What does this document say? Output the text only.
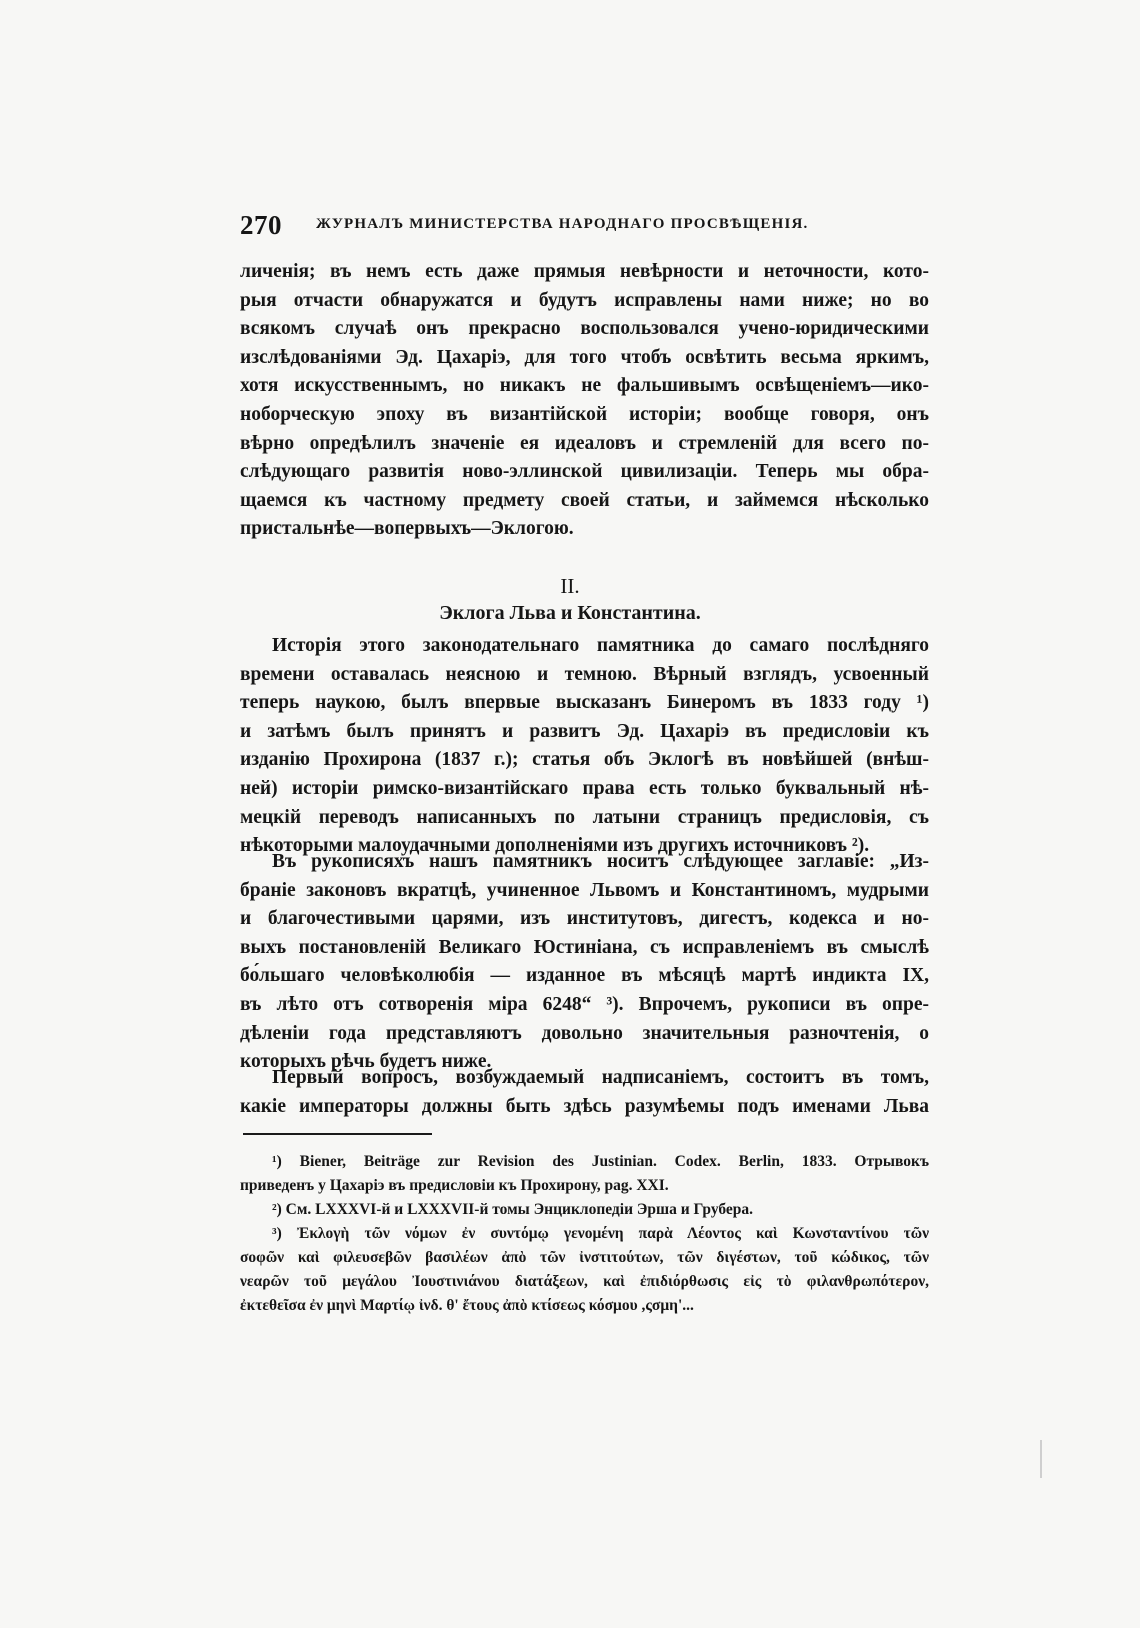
270 ЖУРНАЛЪ МИНИСТЕРСТВА НАРОДНАГО ПРОСВѢЩЕНІЯ.
личенія; въ немъ есть даже прямыя невѣрности и неточности, кото-
рыя отчасти обнаружатся и будутъ исправлены нами ниже; но во
всякомъ случаѣ онъ прекрасно воспользовался учено-юридическими
изслѣдованіями Эд. Цахаріэ, для того чтобъ освѣтить весьма яркимъ,
хотя искусственнымъ, но никакъ не фальшивымъ освѣщеніемъ—ико-
ноборческую эпоху въ византійской исторіи; вообще говоря, онъ
вѣрно опредѣлилъ значеніе ея идеаловъ и стремленій для всего по-
слѣдующаго развитія ново-эллинской цивилизаціи. Теперь мы обра-
щаемся къ частному предмету своей статьи, и займемся нѣсколько
пристальнѣе—вопервыхъ—Эклогою.
II.
Эклога Льва и Константина.
Исторія этого законодательнаго памятника до самаго послѣдняго
времени оставалась неясною и темною. Вѣрный взглядъ, усвоенный
теперь наукою, былъ впервые высказанъ Бинеромъ въ 1833 году ¹)
и затѣмъ былъ принятъ и развитъ Эд. Цахаріэ въ предисловіи къ
изданію Прохирона (1837 г.); статья объ Эклогѣ въ новѣйшей (внѣш-
ней) исторіи римско-византійскаго права есть только буквальный нѣ-
мецкій переводъ написанныхъ по латыни страницъ предисловія, съ
нѣкоторыми малоудачными дополненіями изъ другихъ источниковъ ²).
Въ рукописяхъ нашъ памятникъ носитъ слѣдующее заглавіе: „Из-
браніе законовъ вкратцѣ, учиненное Львомъ и Константиномъ, мудрыми
и благочестивыми царями, изъ институтовъ, дигестъ, кодекса и но-
выхъ постановленій Великаго Юстиніана, съ исправленіемъ въ смыслѣ
бо́льшаго человѣколюбія — изданное въ мѣсяцѣ мартѣ индикта IX,
въ лѣто отъ сотворенія міра 6248“ ³). Впрочемъ, рукописи въ опре-
дѣленіи года представляютъ довольно значительныя разночтенія, о
которыхъ рѣчь будетъ ниже.
Первый вопросъ, возбуждаемый надписаніемъ, состоитъ въ томъ,
какіе императоры должны быть здѣсь разумѣемы подъ именами Льва
¹) Biener, Beiträge zur Revision des Justinian. Codex. Berlin, 1833. Отрывокъ
приведенъ у Цахаріэ въ предисловіи къ Прохирону, pag. XXI.
²) См. LXXXVI-й и LXXXVII-й томы Энциклопедіи Эрша и Грубера.
³) Ἐκλογὴ τῶν νόμων ἐν συντόμῳ γενομένη παρὰ Λέοντος καὶ Κωνσταντίνου τῶν
σοφῶν καὶ φιλευσεβῶν βασιλέων ἀπὸ τῶν ἰνστιτούτων, τῶν διγέστων, τοῦ κώδικος, τῶν
νεαρῶν τοῦ μεγάλου Ἰουστινιάνου διατάξεων, καὶ ἐπιδιόρθωσις εἰς τὸ φιλανθρωπότερον,
ἐκτεθεῖσα ἐν μηνὶ Μαρτίῳ ἰνδ. θ' ἔτους ἀπὸ κτίσεως κόσμου ,ςσμη'...
